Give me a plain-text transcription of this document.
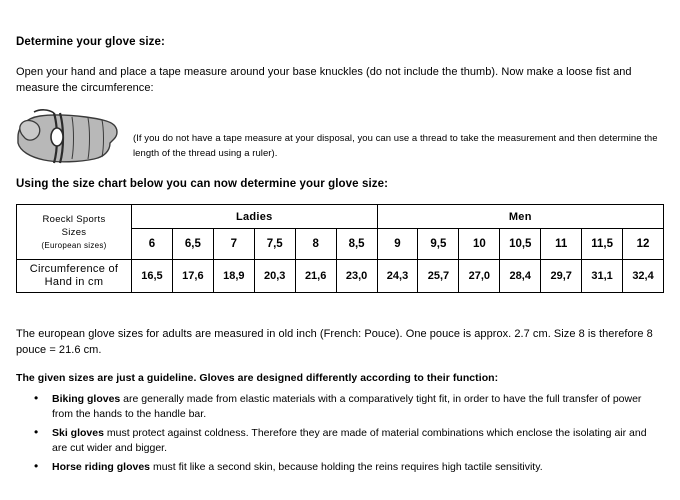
Determine your glove size:
Open your hand and place a tape measure around your base knuckles (do not include the thumb). Now make a loose fist and measure the circumference:
(If you do not have a tape measure at your disposal, you can use a thread to take the measurement and then determine the length of the thread using a ruler).
Using the size chart below you can now determine your glove size:
Roeckl Sports
Sizes
(European sizes)	Ladies						Men						
	6	6,5	7	7,5	8	8,5	9	9,5	10	10,5	11	11,5	12

Circumference of
Hand in cm	16,5	17,6	18,9	20,3	21,6	23,0	24,3	25,7	27,0	28,4	29,7	31,1	32,4
The european glove sizes for adults are measured in old inch (French: Pouce). One pouce is approx. 2.7 cm. Size 8 is therefore 8 pouce = 21.6 cm.
The given sizes are just a guideline. Gloves are designed differently according to their function:
• Biking gloves are generally made from elastic materials with a comparatively tight fit, in order to have the full transfer of power from the hands to the handle bar.
• Ski gloves must protect against coldness. Therefore they are made of material combinations which enclose the isolating air and are cut wider and bigger.
• Horse riding gloves must fit like a second skin, because holding the reins requires high tactile sensitivity.
